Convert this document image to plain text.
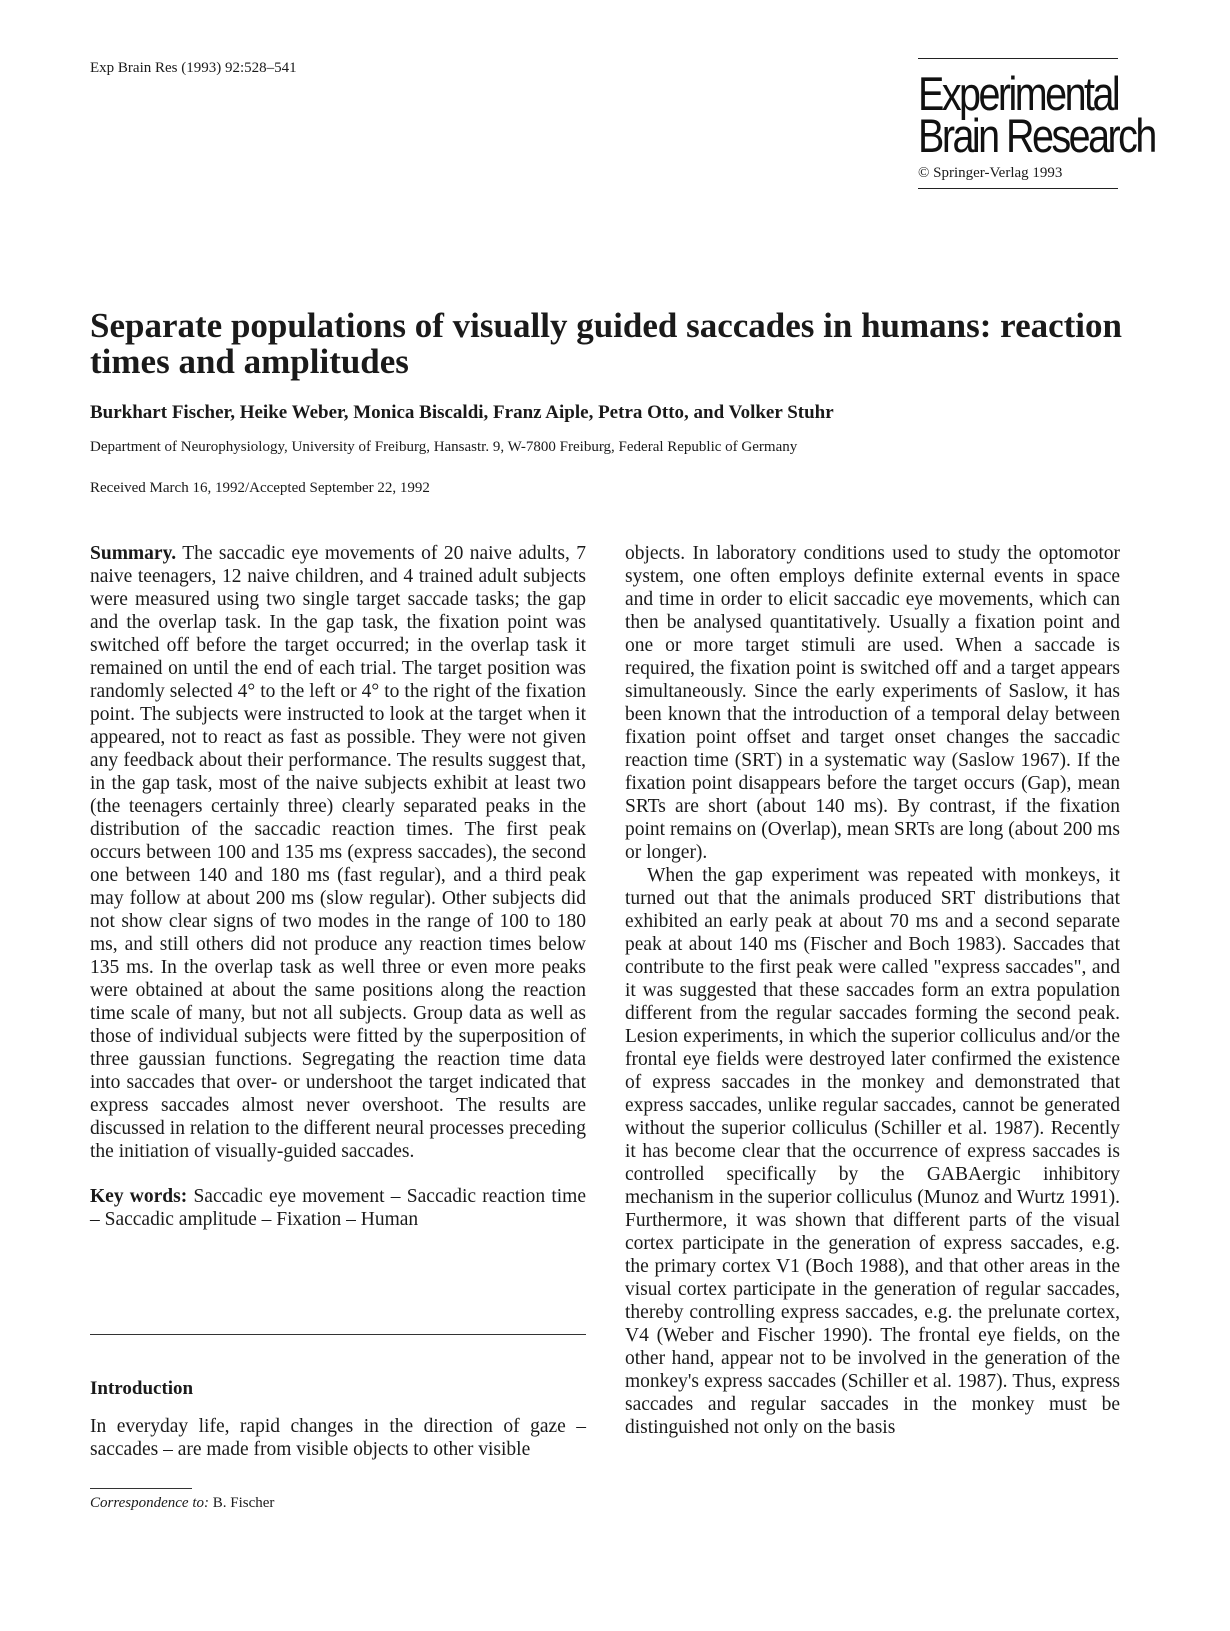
Exp Brain Res (1993) 92:528–541	Experimental
Brain Research
© Springer-Verlag 1993
Separate populations of visually guided saccades in humans: reaction times and amplitudes
Burkhart Fischer, Heike Weber, Monica Biscaldi, Franz Aiple, Petra Otto, and Volker Stuhr
Department of Neurophysiology, University of Freiburg, Hansastr. 9, W-7800 Freiburg, Federal Republic of Germany
Received March 16, 1992/Accepted September 22, 1992

Summary. The saccadic eye movements of 20 naive adults, 7 naive teenagers, 12 naive children, and 4 trained adult subjects were measured using two single target saccade tasks; the gap and the overlap task. In the gap task, the fixation point was switched off before the target occurred; in the overlap task it remained on until the end of each trial. The target position was randomly selected 4° to the left or 4° to the right of the fixation point. The subjects were instructed to look at the target when it appeared, not to react as fast as possible. They were not given any feedback about their performance. The results suggest that, in the gap task, most of the naive subjects exhibit at least two (the teenagers certainly three) clearly separated peaks in the distribution of the saccadic reaction times. The first peak occurs between 100 and 135 ms (express saccades), the second one between 140 and 180 ms (fast regular), and a third peak may follow at about 200 ms (slow regular). Other subjects did not show clear signs of two modes in the range of 100 to 180 ms, and still others did not produce any reaction times below 135 ms. In the overlap task as well three or even more peaks were obtained at about the same positions along the reaction time scale of many, but not all subjects. Group data as well as those of individual subjects were fitted by the superposition of three gaussian functions. Segregating the reaction time data into saccades that over- or undershoot the target indicated that express saccades almost never overshoot. The results are discussed in relation to the different neural processes preceding the initiation of visually-guided saccades.

Key words: Saccadic eye movement – Saccadic reaction time – Saccadic amplitude – Fixation – Human

Introduction
In everyday life, rapid changes in the direction of gaze – saccades – are made from visible objects to other visible
Correspondence to: B. Fischer

objects. In laboratory conditions used to study the optomotor system, one often employs definite external events in space and time in order to elicit saccadic eye movements, which can then be analysed quantitatively. Usually a fixation point and one or more target stimuli are used. When a saccade is required, the fixation point is switched off and a target appears simultaneously. Since the early experiments of Saslow, it has been known that the introduction of a temporal delay between fixation point offset and target onset changes the saccadic reaction time (SRT) in a systematic way (Saslow 1967). If the fixation point disappears before the target occurs (Gap), mean SRTs are short (about 140 ms). By contrast, if the fixation point remains on (Overlap), mean SRTs are long (about 200 ms or longer).

When the gap experiment was repeated with monkeys, it turned out that the animals produced SRT distributions that exhibited an early peak at about 70 ms and a second separate peak at about 140 ms (Fischer and Boch 1983). Saccades that contribute to the first peak were called "express saccades", and it was suggested that these saccades form an extra population different from the regular saccades forming the second peak. Lesion experiments, in which the superior colliculus and/or the frontal eye fields were destroyed later confirmed the existence of express saccades in the monkey and demonstrated that express saccades, unlike regular saccades, cannot be generated without the superior colliculus (Schiller et al. 1987). Recently it has become clear that the occurrence of express saccades is controlled specifically by the GABAergic inhibitory mechanism in the superior colliculus (Munoz and Wurtz 1991). Furthermore, it was shown that different parts of the visual cortex participate in the generation of express saccades, e.g. the primary cortex V1 (Boch 1988), and that other areas in the visual cortex participate in the generation of regular saccades, thereby controlling express saccades, e.g. the prelunate cortex, V4 (Weber and Fischer 1990). The frontal eye fields, on the other hand, appear not to be involved in the generation of the monkey's express saccades (Schiller et al. 1987). Thus, express saccades and regular saccades in the monkey must be distinguished not only on the basis
